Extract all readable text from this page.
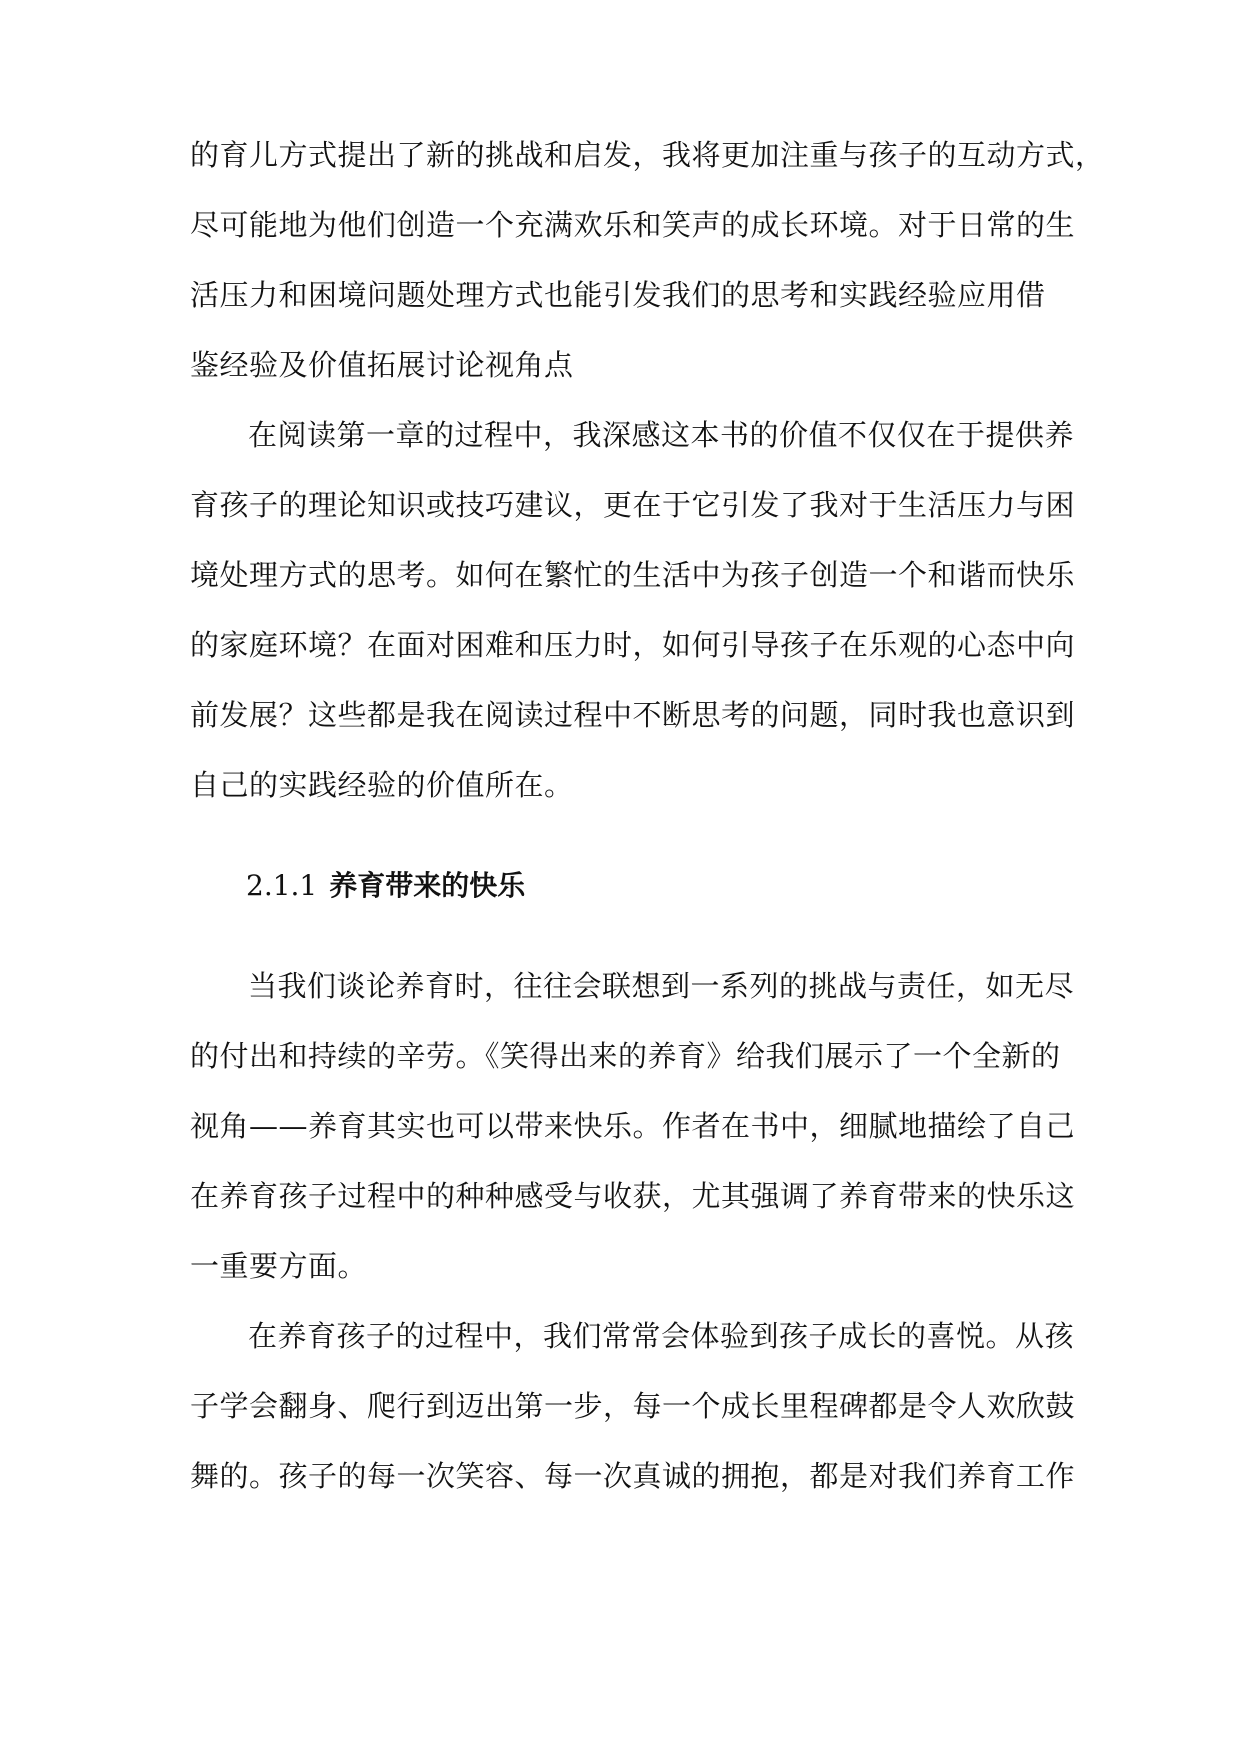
的育儿方式提出了新的挑战和启发，我将更加注重与孩子的互动方式，
尽可能地为他们创造一个充满欢乐和笑声的成长环境。对于日常的生
活压力和困境问题处理方式也能引发我们的思考和实践经验应用借
鉴经验及价值拓展讨论视角点
在阅读第一章的过程中，我深感这本书的价值不仅仅在于提供养
育孩子的理论知识或技巧建议，更在于它引发了我对于生活压力与困
境处理方式的思考。如何在繁忙的生活中为孩子创造一个和谐而快乐
的家庭环境？在面对困难和压力时，如何引导孩子在乐观的心态中向
前发展？这些都是我在阅读过程中不断思考的问题，同时我也意识到
自己的实践经验的价值所在。
2.1.1 养育带来的快乐
当我们谈论养育时，往往会联想到一系列的挑战与责任，如无尽
的付出和持续的辛劳。《笑得出来的养育》给我们展示了一个全新的
视角——养育其实也可以带来快乐。作者在书中，细腻地描绘了自己
在养育孩子过程中的种种感受与收获，尤其强调了养育带来的快乐这
一重要方面。
在养育孩子的过程中，我们常常会体验到孩子成长的喜悦。从孩
子学会翻身、爬行到迈出第一步，每一个成长里程碑都是令人欢欣鼓
舞的。孩子的每一次笑容、每一次真诚的拥抱，都是对我们养育工作
